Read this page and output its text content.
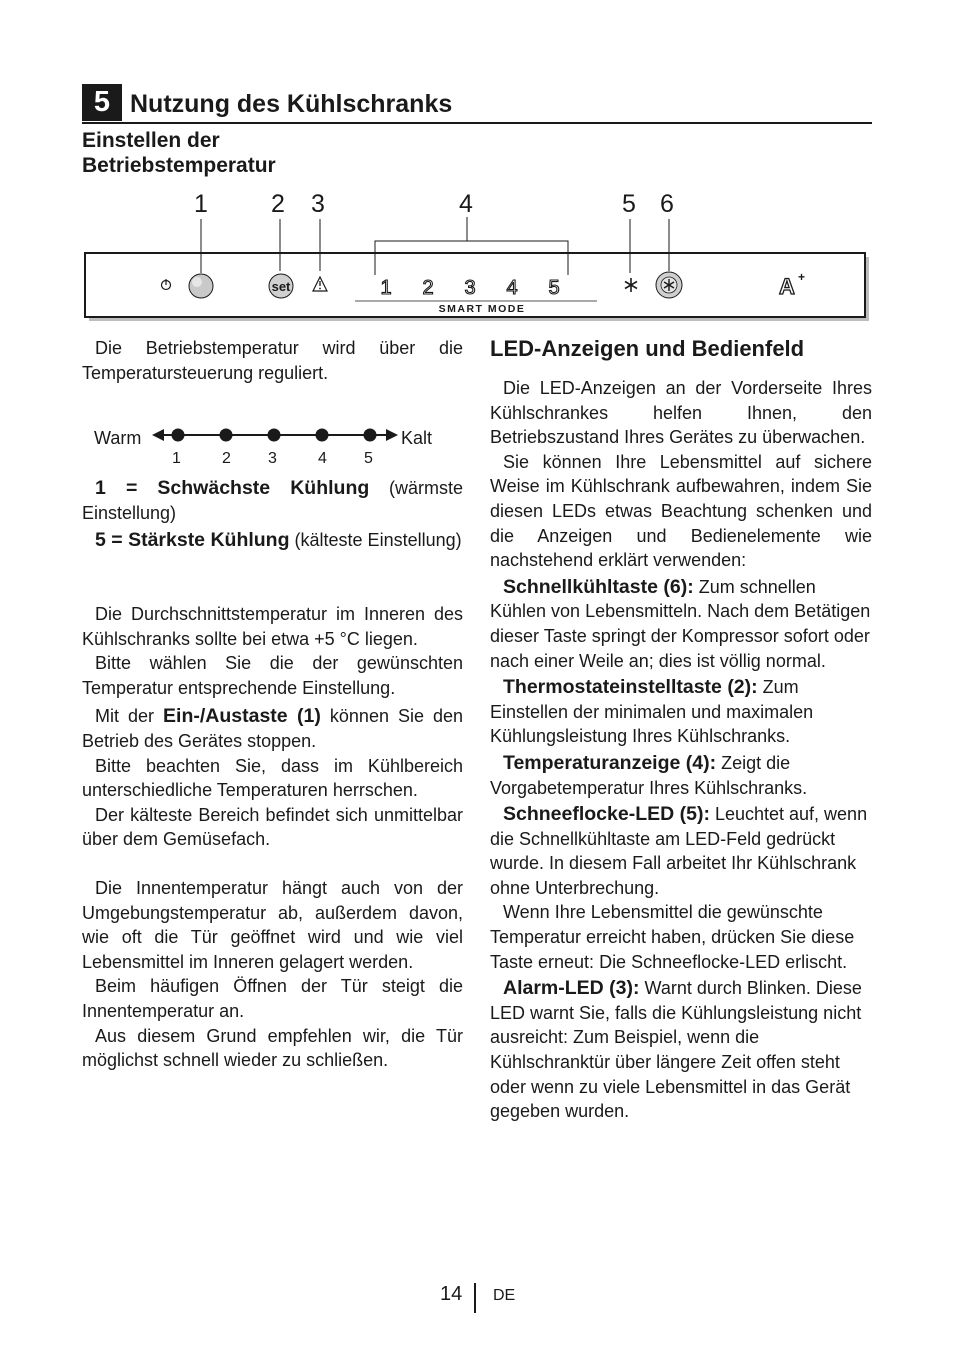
5 Nutzung des Kühlschranks
Einstellen der
Betriebstemperatur
1	2 3	4	5 6
set	1 2 3 4 5
SMART MODE
A +
Die Betriebstemperatur wird über die Temperatursteuerung reguliert.
Warm	Kalt
1	2 3	4 5
1 = Schwächste Kühlung (wärmste Einstellung)
5 = Stärkste Kühlung (kälteste Einstellung)

Die Durchschnittstemperatur im Inneren des Kühlschranks sollte bei etwa +5 °C liegen.

Bitte wählen Sie die der gewünschten Temperatur entsprechende Einstellung.

Mit der Ein-/Austaste (1) können Sie den Betrieb des Gerätes stoppen.

Bitte beachten Sie, dass im Kühlbereich unterschiedliche Temperaturen herrschen.

Der kälteste Bereich befindet sich unmittelbar über dem Gemüsefach.

Die Innentemperatur hängt auch von der Umgebungstemperatur ab, außerdem davon, wie oft die Tür geöffnet wird und wie viel Lebensmittel im Inneren gelagert werden.

Beim häufigen Öffnen der Tür steigt die Innentemperatur an.

Aus diesem Grund empfehlen wir, die Tür möglichst schnell wieder zu schließen.

LED-Anzeigen und Bedienfeld

Die LED-Anzeigen an der Vorderseite Ihres Kühlschrankes helfen Ihnen, den Betriebszustand Ihres Gerätes zu überwachen.

Sie können Ihre Lebensmittel auf sichere Weise im Kühlschrank aufbewahren, indem Sie diesen LEDs etwas Beachtung schenken und die Anzeigen und Bedienelemente wie nachstehend erklärt verwenden:

Schnellkühltaste (6): Zum schnellen Kühlen von Lebensmitteln. Nach dem Betätigen dieser Taste springt der Kompressor sofort oder nach einer Weile an; dies ist völlig normal.

Thermostateinstelltaste (2): Zum Einstellen der minimalen und maximalen Kühlungsleistung Ihres Kühlschranks.

Temperaturanzeige (4): Zeigt die Vorgabetemperatur Ihres Kühlschranks.

Schneeflocke-LED (5): Leuchtet auf, wenn die Schnellkühltaste am LED-Feld gedrückt wurde. In diesem Fall arbeitet Ihr Kühlschrank ohne Unterbrechung.

Wenn Ihre Lebensmittel die gewünschte Temperatur erreicht haben, drücken Sie diese Taste erneut: Die Schneeflocke-LED erlischt.

Alarm-LED (3): Warnt durch Blinken. Diese LED warnt Sie, falls die Kühlungsleistung nicht ausreicht: Zum Beispiel, wenn die Kühlschranktür über längere Zeit offen steht oder wenn zu viele Lebensmittel in das Gerät gegeben wurden.

14 DE
